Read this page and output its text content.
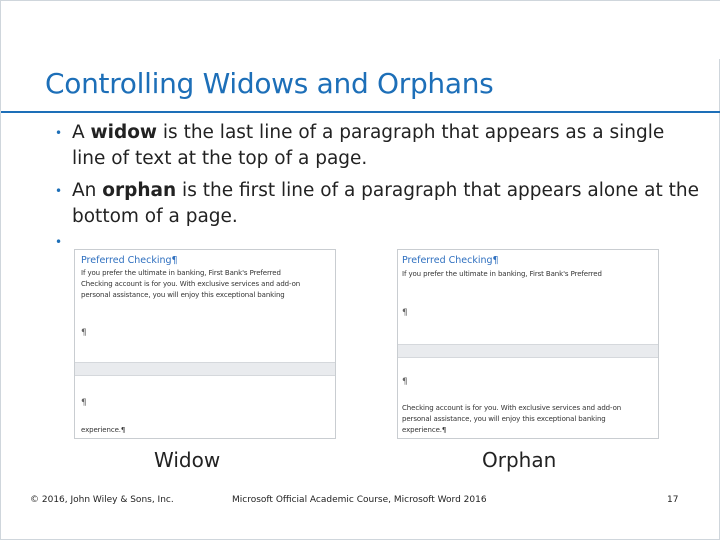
Controlling Widows and Orphans
• A widow is the last line of a paragraph that appears as a single line of text at the top of a page.
• An orphan is the first line of a paragraph that appears alone at the bottom of a page.
•
Preferred Checking¶
If you prefer the ultimate in banking, First Bank's Preferred
Checking account is for you. With exclusive services and add-on
personal assistance, you will enjoy this exceptional banking
¶
¶
experience.¶
Widow
Preferred Checking¶
If you prefer the ultimate in banking, First Bank's Preferred
¶
¶
Checking account is for you. With exclusive services and add-on
personal assistance, you will enjoy this exceptional banking
experience.¶
Orphan
© 2016, John Wiley & Sons, Inc.	Microsoft Official Academic Course, Microsoft Word 2016	17
